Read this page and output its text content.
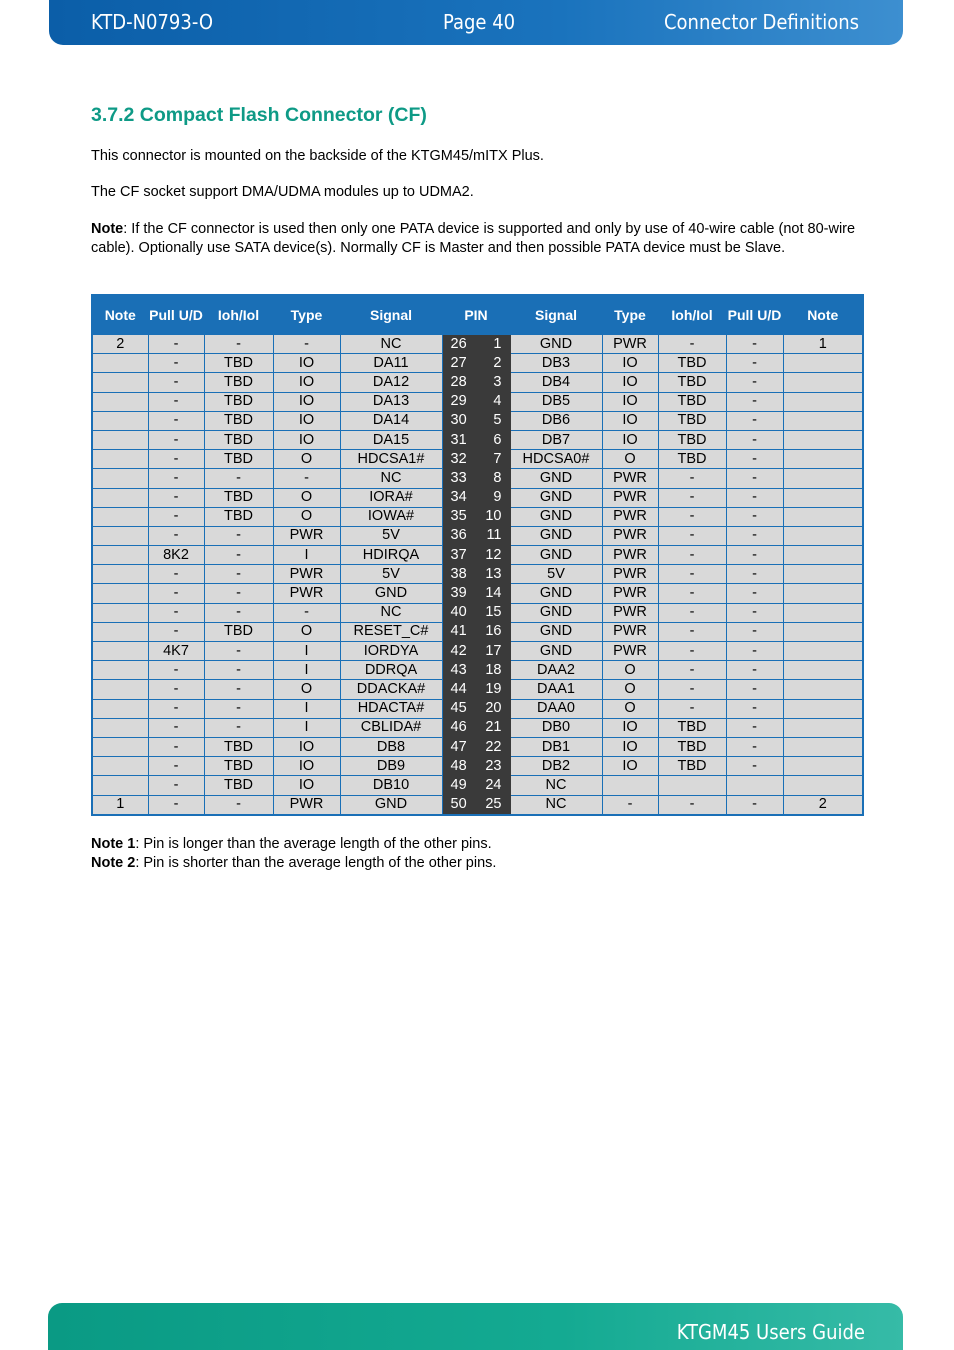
KTD-N0793-O	Page 40	Connector Definitions
3.7.2 Compact Flash Connector (CF)

This connector is mounted on the backside of the KTGM45/mITX Plus.

The CF socket support DMA/UDMA modules up to UDMA2.

Note: If the CF connector is used then only one PATA device is supported and only by use of 40-wire cable (not 80-wire cable). Optionally use SATA device(s). Normally CF is Master and then possible PATA device must be Slave.

Note	Pull U/D	Ioh/Iol	Type	Signal	PIN		Signal	Type	Ioh/Iol	Pull U/D	Note
2	-	-	-	NC	26	1	GND	PWR	-	-	1
	-	TBD	IO	DA11	27	2	DB3	IO	TBD	-	
	-	TBD	IO	DA12	28	3	DB4	IO	TBD	-	
	-	TBD	IO	DA13	29	4	DB5	IO	TBD	-	
	-	TBD	IO	DA14	30	5	DB6	IO	TBD	-	
	-	TBD	IO	DA15	31	6	DB7	IO	TBD	-	
	-	TBD	O	HDCSA1#	32	7	HDCSA0#	O	TBD	-	
	-	-	-	NC	33	8	GND	PWR	-	-	
	-	TBD	O	IORA#	34	9	GND	PWR	-	-	
	-	TBD	O	IOWA#	35	10	GND	PWR	-	-	
	-	-	PWR	5V	36	11	GND	PWR	-	-	
	8K2	-	I	HDIRQA	37	12	GND	PWR	-	-	
	-	-	PWR	5V	38	13	5V	PWR	-	-	
	-	-	PWR	GND	39	14	GND	PWR	-	-	
	-	-	-	NC	40	15	GND	PWR	-	-	
	-	TBD	O	RESET_C#	41	16	GND	PWR	-	-	
	4K7	-	I	IORDYA	42	17	GND	PWR	-	-	
	-	-	I	DDRQA	43	18	DAA2	O	-	-	
	-	-	O	DDACKA#	44	19	DAA1	O	-	-	
	-	-	I	HDACTA#	45	20	DAA0	O	-	-	
	-	-	I	CBLIDA#	46	21	DB0	IO	TBD	-	
	-	TBD	IO	DB8	47	22	DB1	IO	TBD	-	
	-	TBD	IO	DB9	48	23	DB2	IO	TBD	-	
	-	TBD	IO	DB10	49	24	NC				
1	-	-	PWR	GND	50	25	NC	-	-	-	2
Note 1: Pin is longer than the average length of the other pins.
Note 2: Pin is shorter than the average length of the other pins.
KTGM45 Users Guide
